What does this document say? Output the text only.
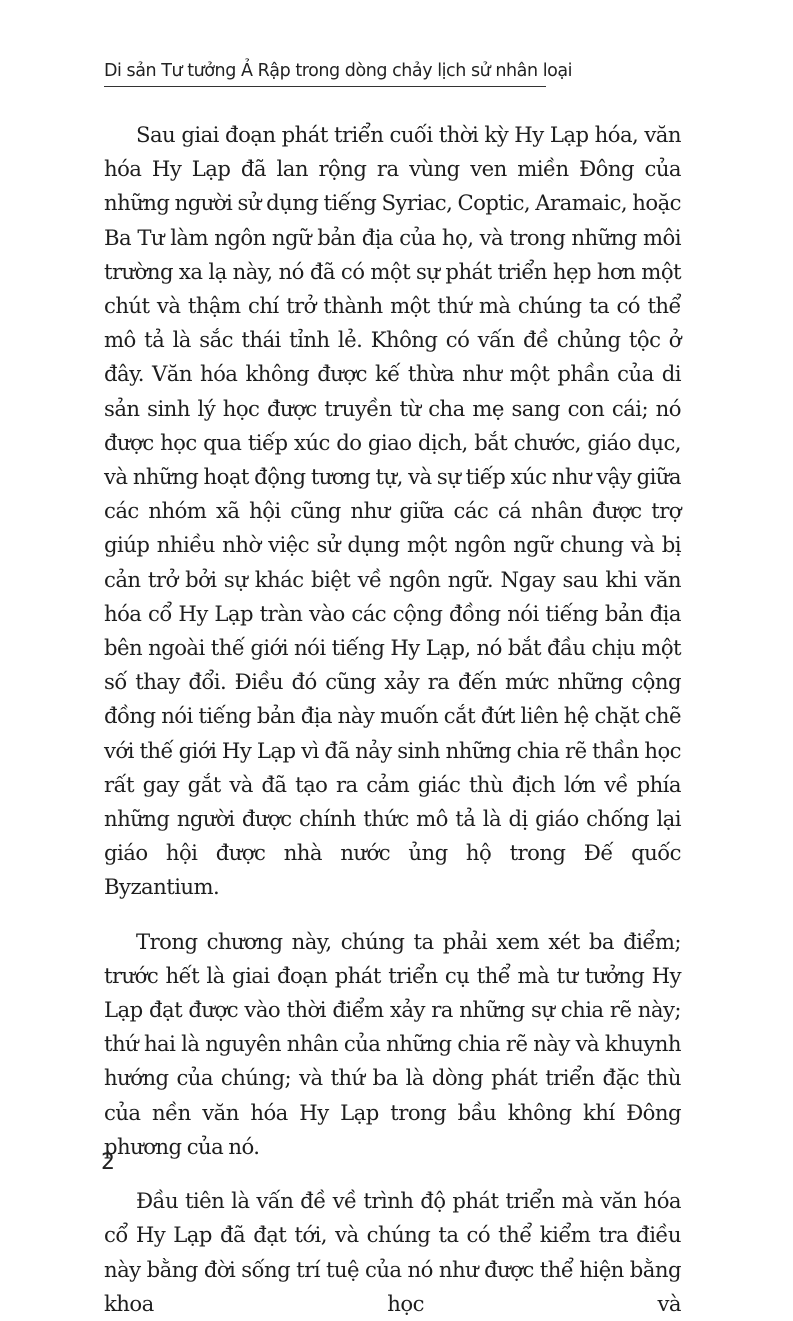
Di sản Tư tưởng Ả Rập trong dòng chảy lịch sử nhân loại

Sau giai đoạn phát triển cuối thời kỳ Hy Lạp hóa, văn hóa Hy Lạp đã lan rộng ra vùng ven miền Đông của những người sử dụng tiếng Syriac, Coptic, Aramaic, hoặc Ba Tư làm ngôn ngữ bản địa của họ, và trong những môi trường xa lạ này, nó đã có một sự phát triển hẹp hơn một chút và thậm chí trở thành một thứ mà chúng ta có thể mô tả là sắc thái tỉnh lẻ. Không có vấn đề chủng tộc ở đây. Văn hóa không được kế thừa như một phần của di sản sinh lý học được truyền từ cha mẹ sang con cái; nó được học qua tiếp xúc do giao dịch, bắt chước, giáo dục, và những hoạt động tương tự, và sự tiếp xúc như vậy giữa các nhóm xã hội cũng như giữa các cá nhân được trợ giúp nhiều nhờ việc sử dụng một ngôn ngữ chung và bị cản trở bởi sự khác biệt về ngôn ngữ. Ngay sau khi văn hóa cổ Hy Lạp tràn vào các cộng đồng nói tiếng bản địa bên ngoài thế giới nói tiếng Hy Lạp, nó bắt đầu chịu một số thay đổi. Điều đó cũng xảy ra đến mức những cộng đồng nói tiếng bản địa này muốn cắt đứt liên hệ chặt chẽ với thế giới Hy Lạp vì đã nảy sinh những chia rẽ thần học rất gay gắt và đã tạo ra cảm giác thù địch lớn về phía những người được chính thức mô tả là dị giáo chống lại giáo hội được nhà nước ủng hộ trong Đế quốc Byzantium.

Trong chương này, chúng ta phải xem xét ba điểm; trước hết là giai đoạn phát triển cụ thể mà tư tưởng Hy Lạp đạt được vào thời điểm xảy ra những sự chia rẽ này; thứ hai là nguyên nhân của những chia rẽ này và khuynh hướng của chúng; và thứ ba là dòng phát triển đặc thù của nền văn hóa Hy Lạp trong bầu không khí Đông phương của nó.

Đầu tiên là vấn đề về trình độ phát triển mà văn hóa cổ Hy Lạp đã đạt tới, và chúng ta có thể kiểm tra điều này bằng đời sống trí tuệ của nó như được thể hiện bằng khoa học và

2
